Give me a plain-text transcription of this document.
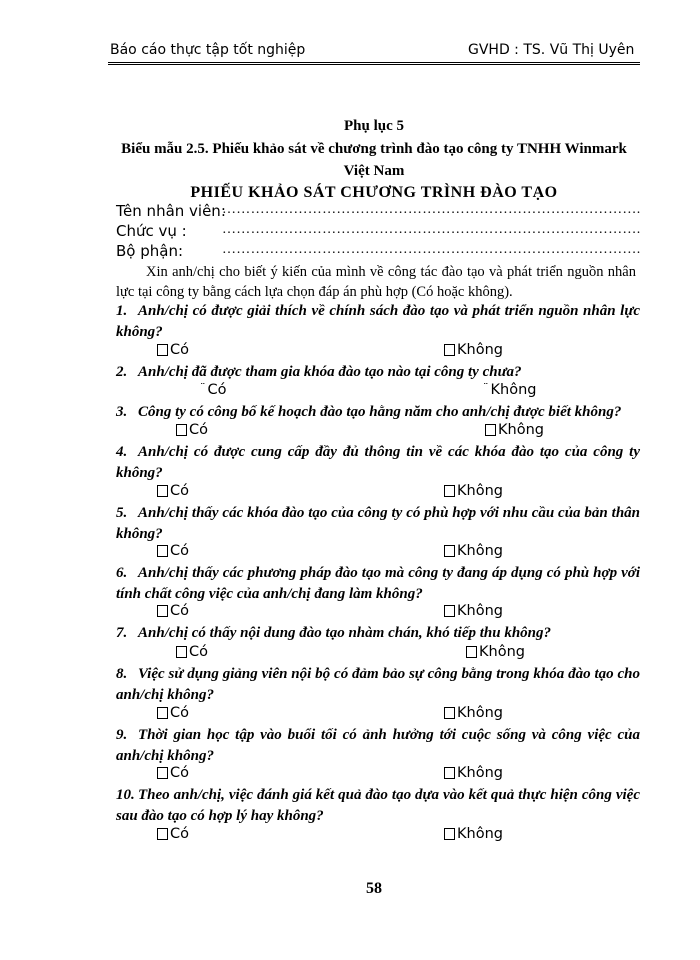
Báo cáo thực tập tốt nghiệp	GVHD : TS. Vũ Thị Uyên
Phụ lục 5
Biểu mẫu 2.5. Phiếu khảo sát về chương trình đào tạo công ty TNHH Winmark
Việt Nam
PHIẾU KHẢO SÁT CHƯƠNG TRÌNH ĐÀO TẠO
Tên nhân viên:
…………………………………………………………………………….
Chức vụ :	…………………………………………………………………………….
Bộ phận:	…………………………………………………………………………….
Xin anh/chị cho biết ý kiến của mình về công tác đào tạo và phát triển nguồn nhân lực tại công ty bằng cách lựa chọn đáp án phù hợp (Có hoặc không).
1. Anh/chị có được giải thích về chính sách đào tạo và phát triển nguồn nhân lực không?
Có	Không
2. Anh/chị đã được tham gia khóa đào tạo nào tại công ty chưa?
¨ Có	¨ Không
3. Công ty có công bố kế hoạch đào tạo hằng năm cho anh/chị được biết không?
Có	Không
4. Anh/chị có được cung cấp đầy đủ thông tin về các khóa đào tạo của công ty không?
Có	Không
5. Anh/chị thấy các khóa đào tạo của công ty có phù hợp với nhu cầu của bản thân không?
Có	Không
6. Anh/chị thấy các phương pháp đào tạo mà công ty đang áp dụng có phù hợp với tính chất công việc của anh/chị đang làm không?
Có	Không
7. Anh/chị có thấy nội dung đào tạo nhàm chán, khó tiếp thu không?
Có	Không
8. Việc sử dụng giảng viên nội bộ có đảm bảo sự công bằng trong khóa đào tạo cho anh/chị không?
Có	Không
9. Thời gian học tập vào buổi tối có ảnh hưởng tới cuộc sống và công việc của anh/chị không?
Có	Không
10. Theo anh/chị, việc đánh giá kết quả đào tạo dựa vào kết quả thực hiện công việc sau đào tạo có hợp lý hay không?
Có	Không
58
